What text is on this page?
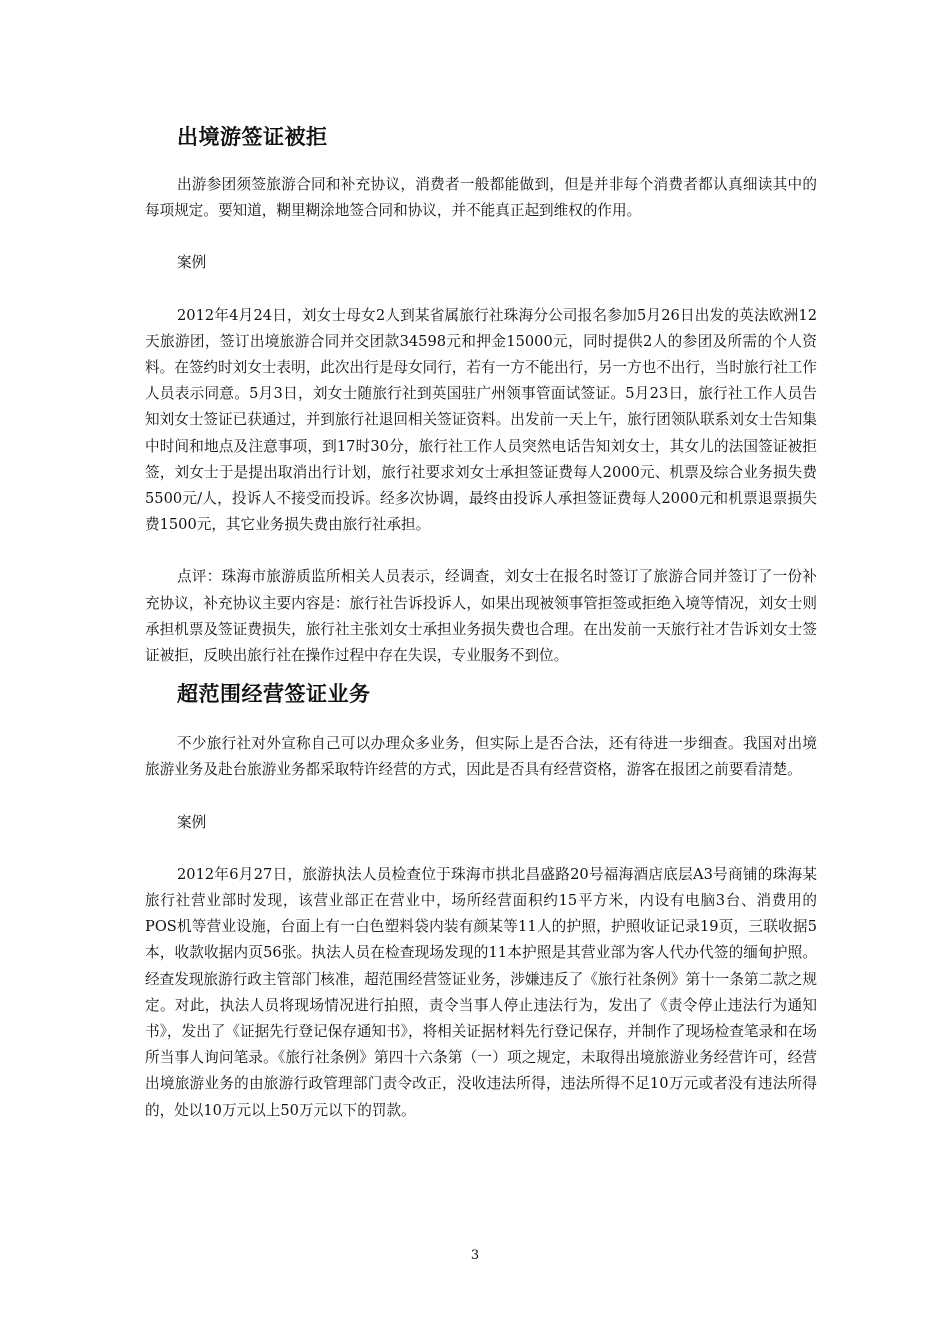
出境游签证被拒

出游参团须签旅游合同和补充协议，消费者一般都能做到，但是并非每个消费者都认真细读其中的每项规定。要知道，糊里糊涂地签合同和协议，并不能真正起到维权的作用。

案例

2012年4月24日，刘女士母女2人到某省属旅行社珠海分公司报名参加5月26日出发的英法欧洲12天旅游团，签订出境旅游合同并交团款34598元和押金15000元，同时提供2人的参团及所需的个人资料。在签约时刘女士表明，此次出行是母女同行，若有一方不能出行，另一方也不出行，当时旅行社工作人员表示同意。5月3日，刘女士随旅行社到英国驻广州领事管面试签证。5月23日，旅行社工作人员告知刘女士签证已获通过，并到旅行社退回相关签证资料。出发前一天上午，旅行团领队联系刘女士告知集中时间和地点及注意事项，到17时30分，旅行社工作人员突然电话告知刘女士，其女儿的法国签证被拒签，刘女士于是提出取消出行计划，旅行社要求刘女士承担签证费每人2000元、机票及综合业务损失费5500元/人，投诉人不接受而投诉。经多次协调，最终由投诉人承担签证费每人2000元和机票退票损失费1500元，其它业务损失费由旅行社承担。

点评：珠海市旅游质监所相关人员表示，经调查，刘女士在报名时签订了旅游合同并签订了一份补充协议，补充协议主要内容是：旅行社告诉投诉人，如果出现被领事管拒签或拒绝入境等情况，刘女士则承担机票及签证费损失，旅行社主张刘女士承担业务损失费也合理。在出发前一天旅行社才告诉刘女士签证被拒，反映出旅行社在操作过程中存在失误，专业服务不到位。

超范围经营签证业务

不少旅行社对外宣称自己可以办理众多业务，但实际上是否合法，还有待进一步细查。我国对出境旅游业务及赴台旅游业务都采取特许经营的方式，因此是否具有经营资格，游客在报团之前要看清楚。

案例

2012年6月27日，旅游执法人员检查位于珠海市拱北昌盛路20号福海酒店底层A3号商铺的珠海某旅行社营业部时发现，该营业部正在营业中，场所经营面积约15平方米，内设有电脑3台、消费用的POS机等营业设施，台面上有一白色塑料袋内装有颜某等11人的护照，护照收证记录19页，三联收据5本，收款收据内页56张。执法人员在检查现场发现的11本护照是其营业部为客人代办代签的缅甸护照。经查发现旅游行政主管部门核准，超范围经营签证业务，涉嫌违反了《旅行社条例》第十一条第二款之规定。对此，执法人员将现场情况进行拍照，责令当事人停止违法行为，发出了《责令停止违法行为通知书》，发出了《证据先行登记保存通知书》，将相关证据材料先行登记保存，并制作了现场检查笔录和在场所当事人询问笔录。《旅行社条例》第四十六条第（一）项之规定，未取得出境旅游业务经营许可，经营出境旅游业务的由旅游行政管理部门责令改正，没收违法所得，违法所得不足10万元或者没有违法所得的，处以10万元以上50万元以下的罚款。

3
